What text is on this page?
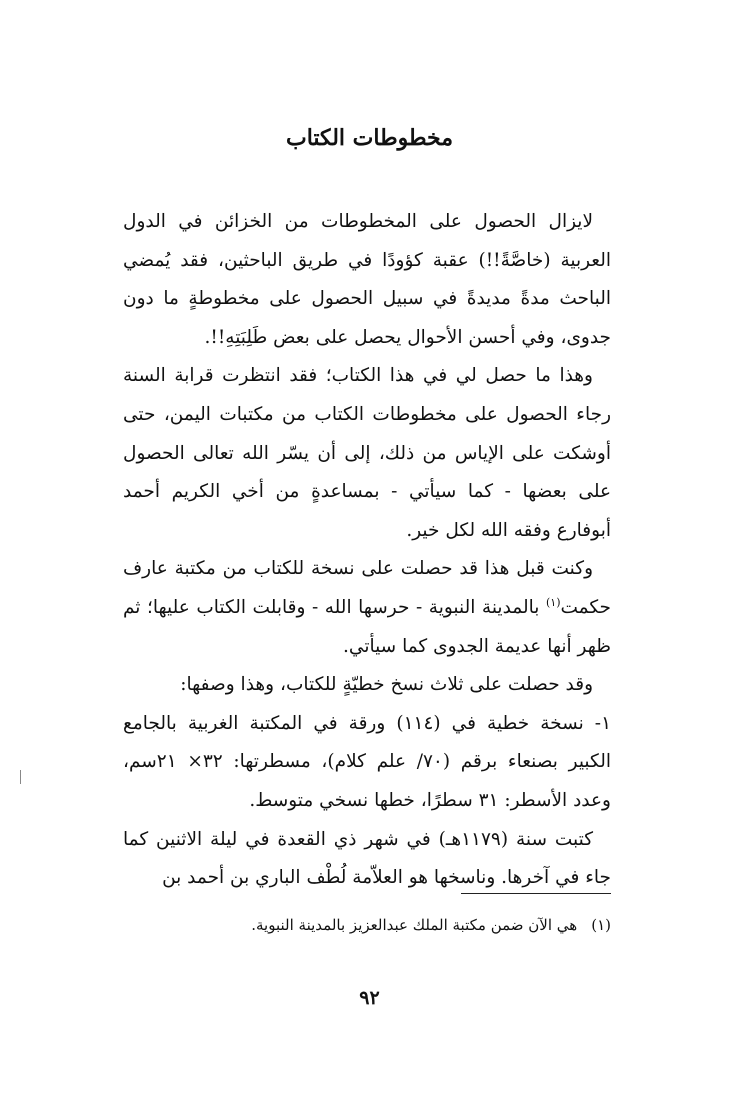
مخطوطات الكتاب

لايزال الحصول على المخطوطات من الخزائن في الدول العربية (خاصَّةً!!) عقبة كؤودًا في طريق الباحثين، فقد يُمضي الباحث مدةً مديدةً في سبيل الحصول على مخطوطةٍ ما دون جدوى، وفي أحسن الأحوال يحصل على بعض طَلِبَتِهِ!!.

وهذا ما حصل لي في هذا الكتاب؛ فقد انتظرت قرابة السنة رجاء الحصول على مخطوطات الكتاب من مكتبات اليمن، حتى أوشكت على الإياس من ذلك، إلى أن يسّر الله تعالى الحصول على بعضها - كما سيأتي - بمساعدةٍ من أخي الكريم أحمد أبوفارع وفقه الله لكل خير.

وكنت قبل هذا قد حصلت على نسخة للكتاب من مكتبة عارف حكمت$^{(١)}$ بالمدينة النبوية - حرسها الله - وقابلت الكتاب عليها؛ ثم ظهر أنها عديمة الجدوى كما سيأتي.

وقد حصلت على ثلاث نسخ خطيّةٍ للكتاب، وهذا وصفها:

١- نسخة خطية في (١١٤) ورقة في المكتبة الغربية بالجامع الكبير بصنعاء برقم (٧٠/ علم كلام)، مسطرتها: ٣٢× ٢١سم، وعدد الأسطر: ٣١ سطرًا، خطها نسخي متوسط.

كتبت سنة (١١٧٩هـ) في شهر ذي القعدة في ليلة الاثنين كما جاء في آخرها. وناسخها هو العلاّمة لُطْف الباري بن أحمد بن

(١)هي الآن ضمن مكتبة الملك عبدالعزيز بالمدينة النبوية.
٩٢
